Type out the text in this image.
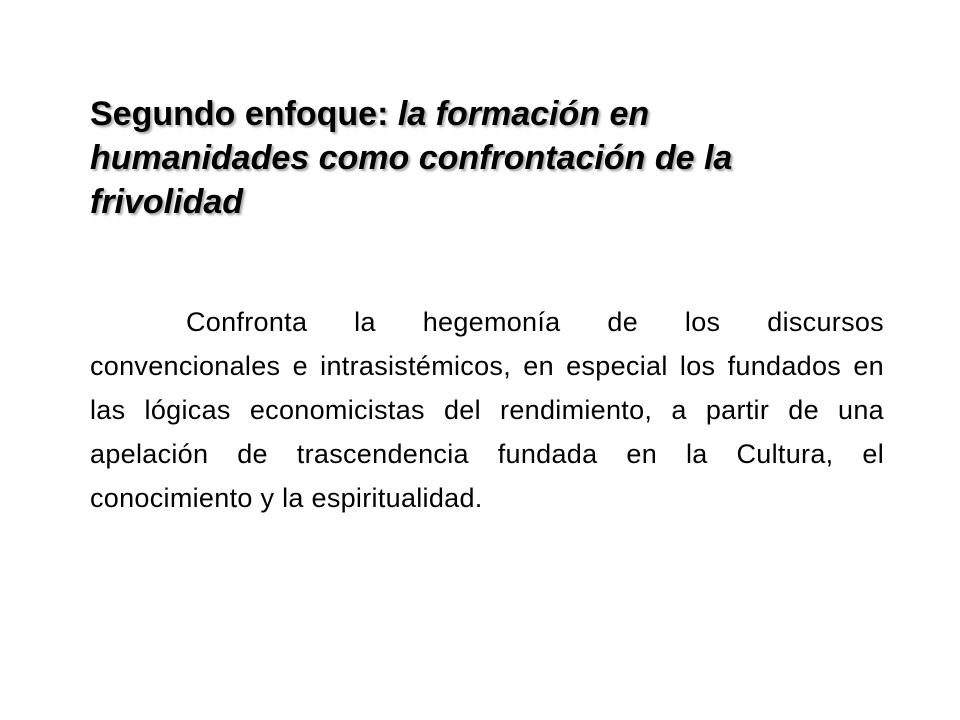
Segundo enfoque: la formación en humanidades como confrontación de la frivolidad

Confronta la hegemonía de los discursos convencionales e intrasistémicos, en especial los fundados en las lógicas economicistas del rendimiento, a partir de una apelación de trascendencia fundada en la Cultura, el conocimiento y la espiritualidad.
